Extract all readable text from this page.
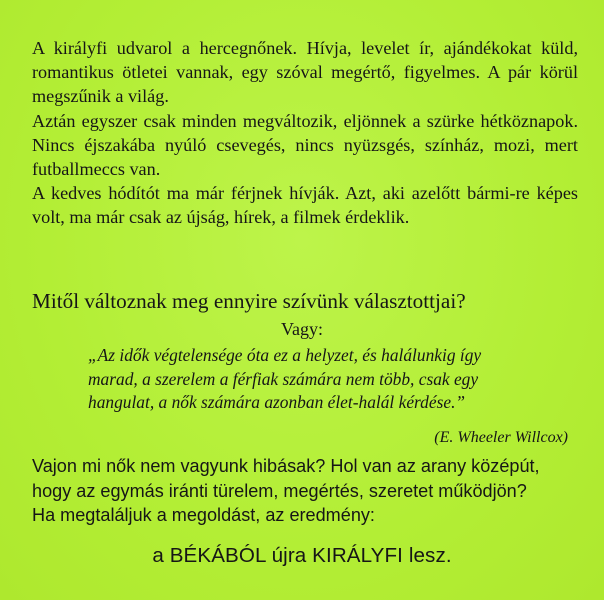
A királyfi udvarol a hercegnőnek. Hívja, levelet ír, ajándékokat küld, romantikus ötletei vannak, egy szóval megértő, figyelmes. A pár körül megszűnik a világ.

Aztán egyszer csak minden megváltozik, eljönnek a szürke hétköznapok. Nincs éjszakába nyúló csevegés, nincs nyüzsgés, színház, mozi, mert futballmeccs van.

A kedves hódítót ma már férjnek hívják. Azt, aki azelőtt bármi-re képes volt, ma már csak az újság, hírek, a filmek érdeklik.

Mitől változnak meg ennyire szívünk választottjai?
Vagy:
„Az idők végtelensége óta ez a helyzet, és halálunkig így
marad, a szerelem a férfiak számára nem több, csak egy
hangulat, a nők számára azonban élet-halál kérdése.”
(E. Wheeler Willcox)
Vajon mi nők nem vagyunk hibásak? Hol van az arany középút,
hogy az egymás iránti türelem, megértés, szeretet működjön?
Ha megtaláljuk a megoldást, az eredmény:
a BÉKÁBÓL újra KIRÁLYFI lesz.
